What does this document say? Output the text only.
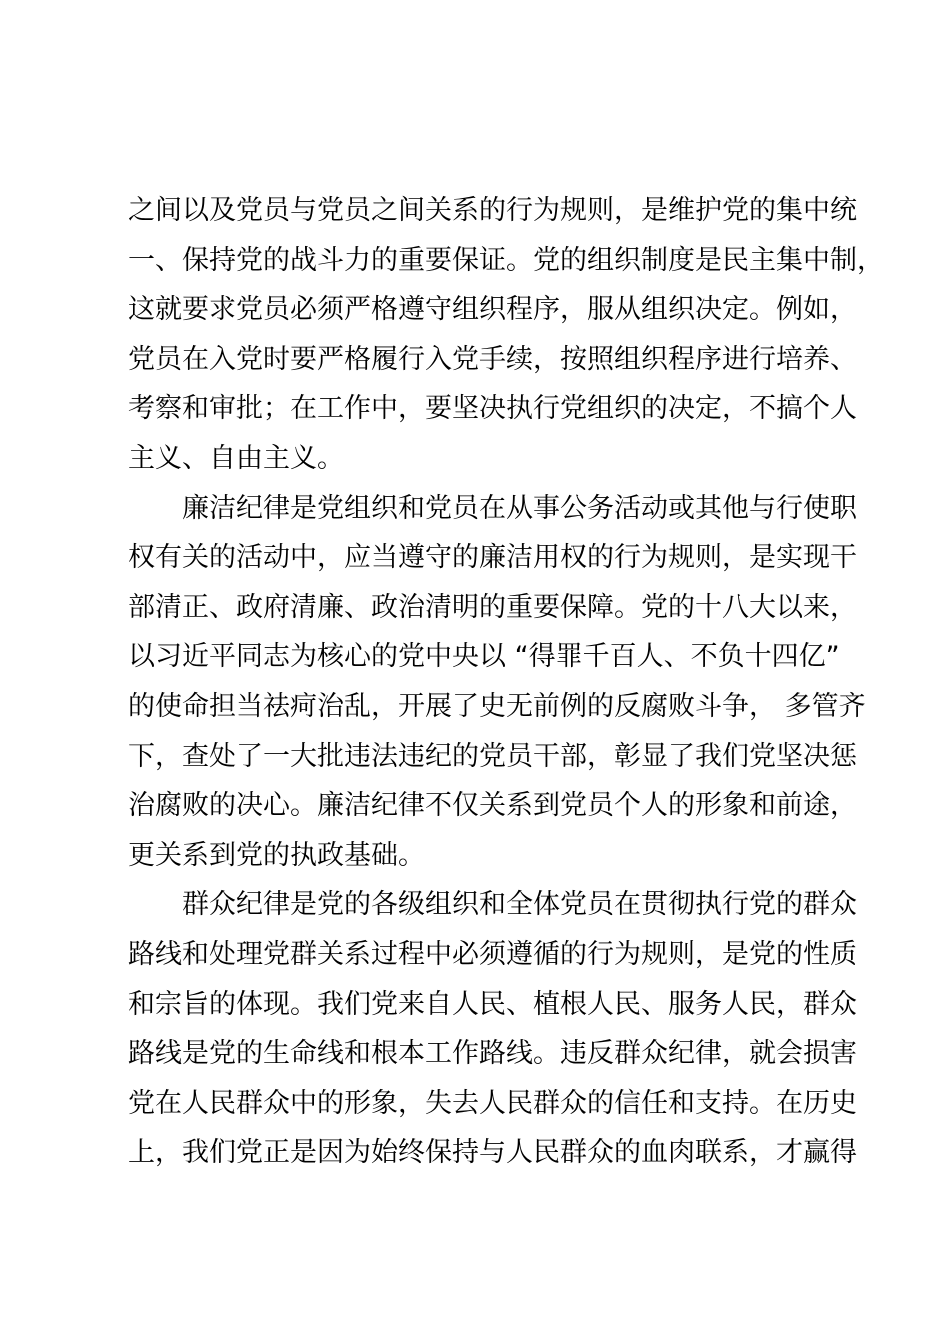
之间以及党员与党员之间关系的行为规则，是维护党的集中统
一、保持党的战斗力的重要保证。党的组织制度是民主集中制，
这就要求党员必须严格遵守组织程序，服从组织决定。例如，
党员在入党时要严格履行入党手续，按照组织程序进行培养、
考察和审批；在工作中，要坚决执行党组织的决定，不搞个人
主义、自由主义。
廉洁纪律是党组织和党员在从事公务活动或其他与行使职
权有关的活动中，应当遵守的廉洁用权的行为规则，是实现干
部清正、政府清廉、政治清明的重要保障。党的十八大以来，
以习近平同志为核心的党中央以 “得罪千百人、不负十四亿”
的使命担当祛疴治乱，开展了史无前例的反腐败斗争， 多管齐
下，查处了一大批违法违纪的党员干部，彰显了我们党坚决惩
治腐败的决心。廉洁纪律不仅关系到党员个人的形象和前途，
更关系到党的执政基础。
群众纪律是党的各级组织和全体党员在贯彻执行党的群众
路线和处理党群关系过程中必须遵循的行为规则，是党的性质
和宗旨的体现。我们党来自人民、植根人民、服务人民，群众
路线是党的生命线和根本工作路线。违反群众纪律，就会损害
党在人民群众中的形象，失去人民群众的信任和支持。在历史
上，我们党正是因为始终保持与人民群众的血肉联系，才赢得
